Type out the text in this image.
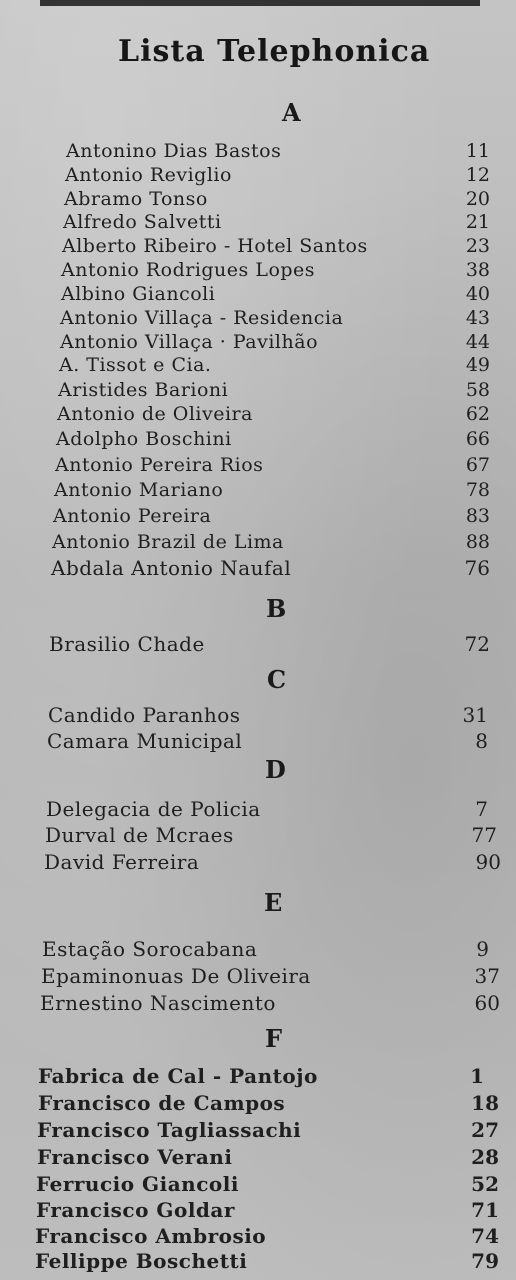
Lista Telephonica
A
Antonino Dias Bastos	11
Antonio Reviglio	12
Abramo Tonso	20
Alfredo Salvetti	21
Alberto Ribeiro - Hotel Santos	23
Antonio Rodrigues Lopes	38
Albino Giancoli	40
Antonio Villaça - Residencia	43
Antonio Villaça · Pavilhão	44
A. Tissot e Cia.	49
Aristides Barioni	58
Antonio de Oliveira	62
Adolpho Boschini	66
Antonio Pereira Rios	67
Antonio Mariano	78
Antonio Pereira	83
Antonio Brazil de Lima	88
Abdala Antonio Naufal	76
B
Brasilio Chade	72
C
Candido Paranhos	31
Camara Municipal	8
D
Delegacia de Policia	7
Durval de Mcraes	77
David Ferreira	90
E
Estação Sorocabana	9
Epaminonuas De Oliveira	37
Ernestino Nascimento	60
F
Fabrica de Cal - Pantojo	1
Francisco de Campos	18
Francisco Tagliassachi	27
Francisco Verani	28
Ferrucio Giancoli	52
Francisco Goldar	71
Francisco Ambrosio	74
Fellippe Boschetti	79
